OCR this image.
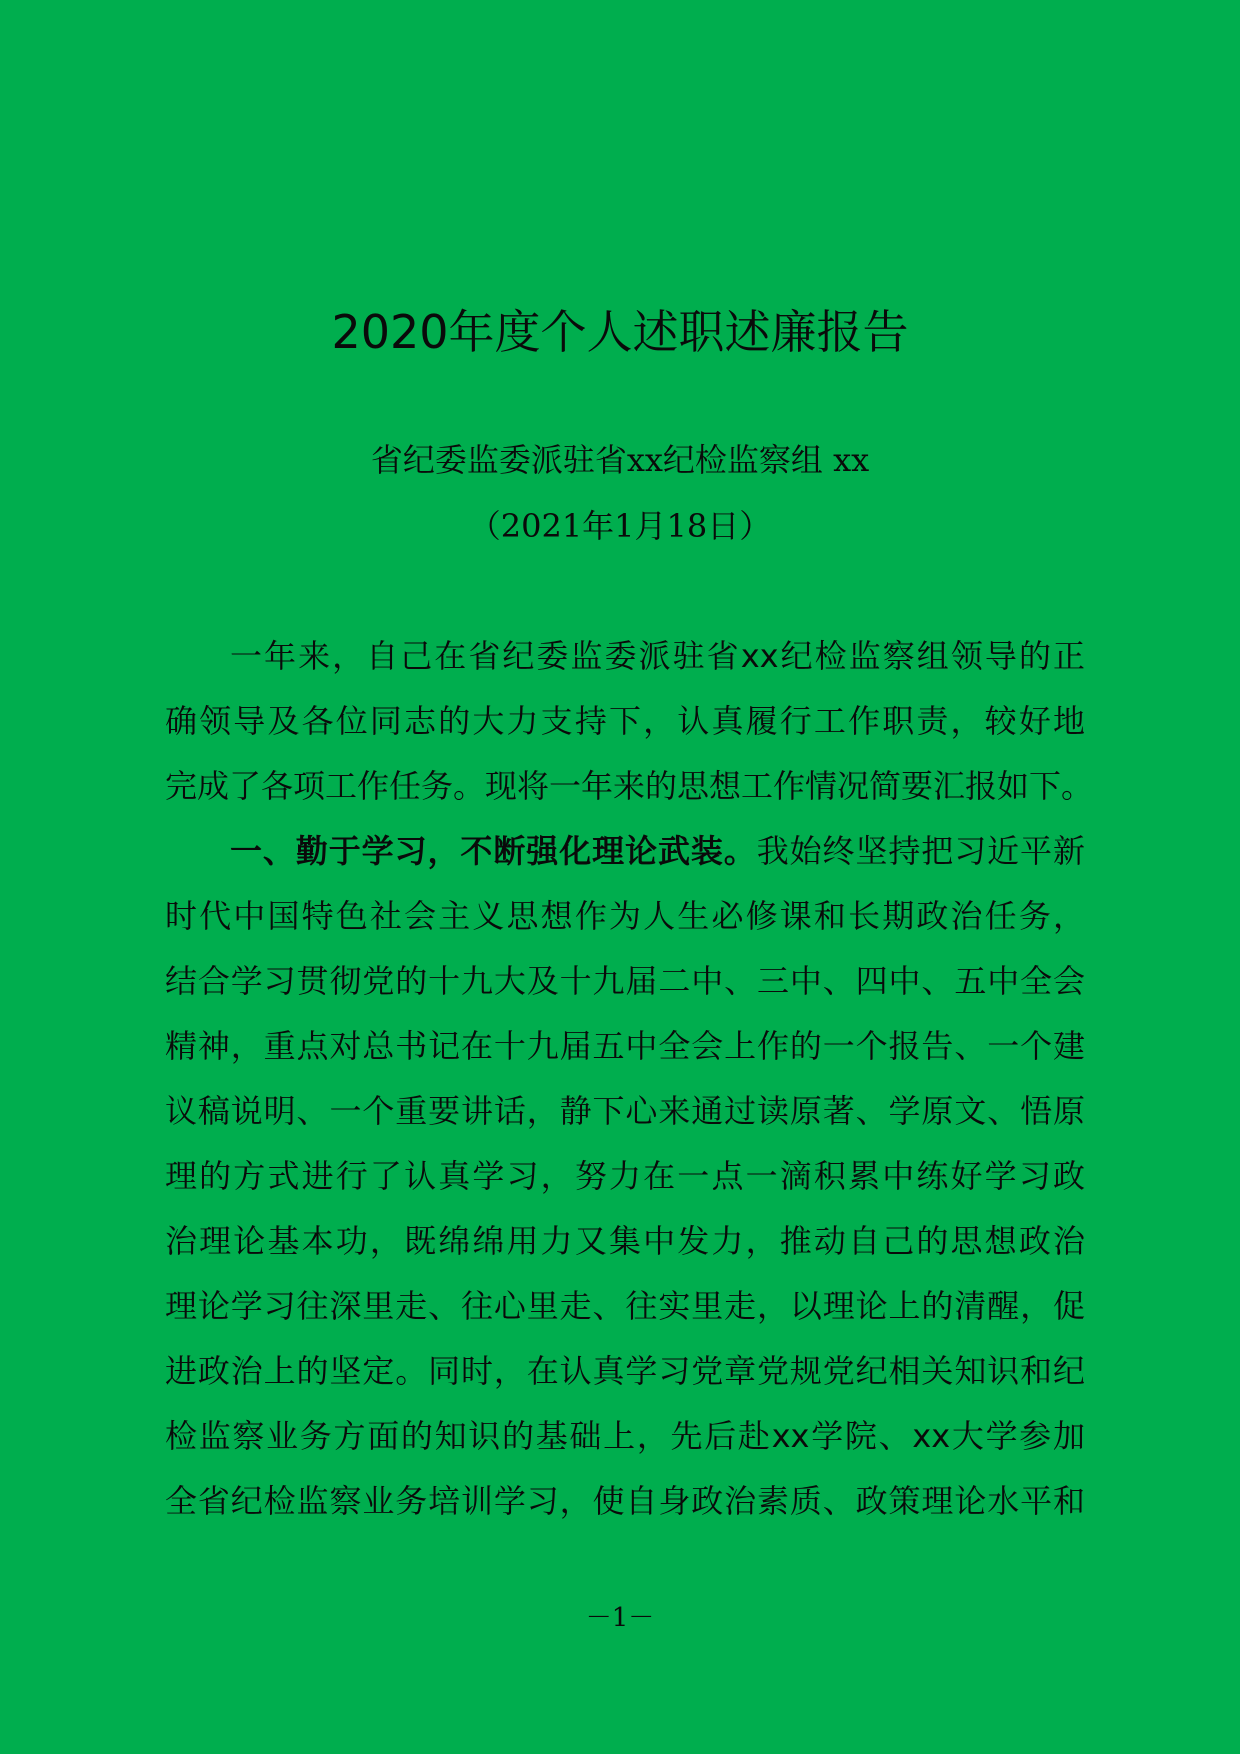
2020年度个人述职述廉报告
省纪委监委派驻省xx纪检监察组 xx
（2021年1月18日）
一年来，自己在省纪委监委派驻省xx纪检监察组领导的正
确领导及各位同志的大力支持下，认真履行工作职责，较好地
完成了各项工作任务。现将一年来的思想工作情况简要汇报如下。
一、勤于学习，不断强化理论武装。我始终坚持把习近平新
时代中国特色社会主义思想作为人生必修课和长期政治任务，
结合学习贯彻党的十九大及十九届二中、三中、四中、五中全会
精神，重点对总书记在十九届五中全会上作的一个报告、一个建
议稿说明、一个重要讲话，静下心来通过读原著、学原文、悟原
理的方式进行了认真学习，努力在一点一滴积累中练好学习政
治理论基本功，既绵绵用力又集中发力，推动自己的思想政治
理论学习往深里走、往心里走、往实里走，以理论上的清醒，促
进政治上的坚定。同时，在认真学习党章党规党纪相关知识和纪
检监察业务方面的知识的基础上，先后赴xx学院、xx大学参加
全省纪检监察业务培训学习，使自身政治素质、政策理论水平和
－1－
